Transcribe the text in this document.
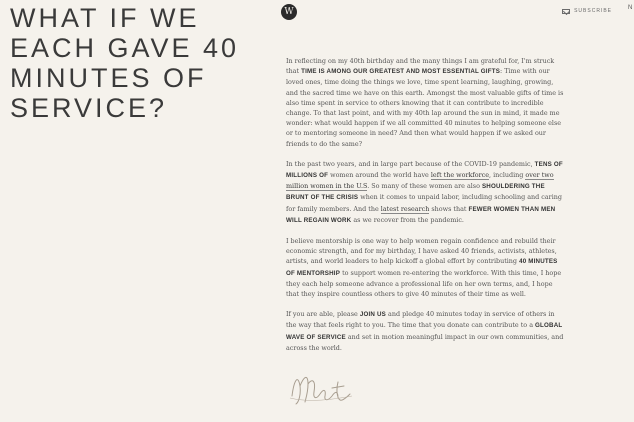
WHAT IF WE
EACH GAVE 40
MINUTES OF
SERVICE?
W	SUBSCRIBE	N

In reflecting on my 40th birthday and the many things I am grateful for, I'm struck that TIME IS AMONG OUR GREATEST AND MOST ESSENTIAL GIFTS: Time with our loved ones, time doing the things we love, time spent learning, laughing, growing, and the sacred time we have on this earth. Amongst the most valuable gifts of time is also time spent in service to others knowing that it can contribute to incredible change. To that last point, and with my 40th lap around the sun in mind, it made me wonder: what would happen if we all committed 40 minutes to helping someone else or to mentoring someone in need? And then what would happen if we asked our friends to do the same?

In the past two years, and in large part because of the COVID-19 pandemic, TENS OF MILLIONS OF women around the world have left the workforce, including over two million women in the U.S. So many of these women are also SHOULDERING THE BRUNT OF THE CRISIS when it comes to unpaid labor, including schooling and caring for family members. And the latest research shows that FEWER WOMEN THAN MEN WILL REGAIN WORK as we recover from the pandemic.

I believe mentorship is one way to help women regain confidence and rebuild their economic strength, and for my birthday, I have asked 40 friends, activists, athletes, artists, and world leaders to help kickoff a global effort by contributing 40 MINUTES OF MENTORSHIP to support women re-entering the workforce. With this time, I hope they each help someone advance a professional life on her own terms, and, I hope that they inspire countless others to give 40 minutes of their time as well.

If you are able, please JOIN US and pledge 40 minutes today in service of others in the way that feels right to you. The time that you donate can contribute to a GLOBAL WAVE OF SERVICE and set in motion meaningful impact in our own communities, and across the world.
